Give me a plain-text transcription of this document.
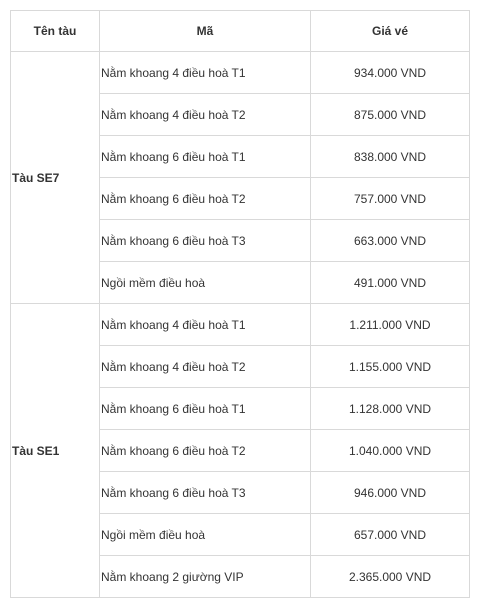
Tên tàu	Mã	Giá vé
Tàu SE7	Nằm khoang 4 điều hoà T1	934.000 VND
	Nằm khoang 4 điều hoà T2	875.000 VND
	Nằm khoang 6 điều hoà T1	838.000 VND
	Nằm khoang 6 điều hoà T2	757.000 VND
	Nằm khoang 6 điều hoà T3	663.000 VND
	Ngồi mềm điều hoà	491.000 VND
Tàu SE1	Nằm khoang 4 điều hoà T1	1.211.000 VND
	Nằm khoang 4 điều hoà T2	1.155.000 VND
	Nằm khoang 6 điều hoà T1	1.128.000 VND
	Nằm khoang 6 điều hoà T2	1.040.000 VND
	Nằm khoang 6 điều hoà T3	946.000 VND
	Ngồi mềm điều hoà	657.000 VND
	Nằm khoang 2 giường VIP	2.365.000 VND
